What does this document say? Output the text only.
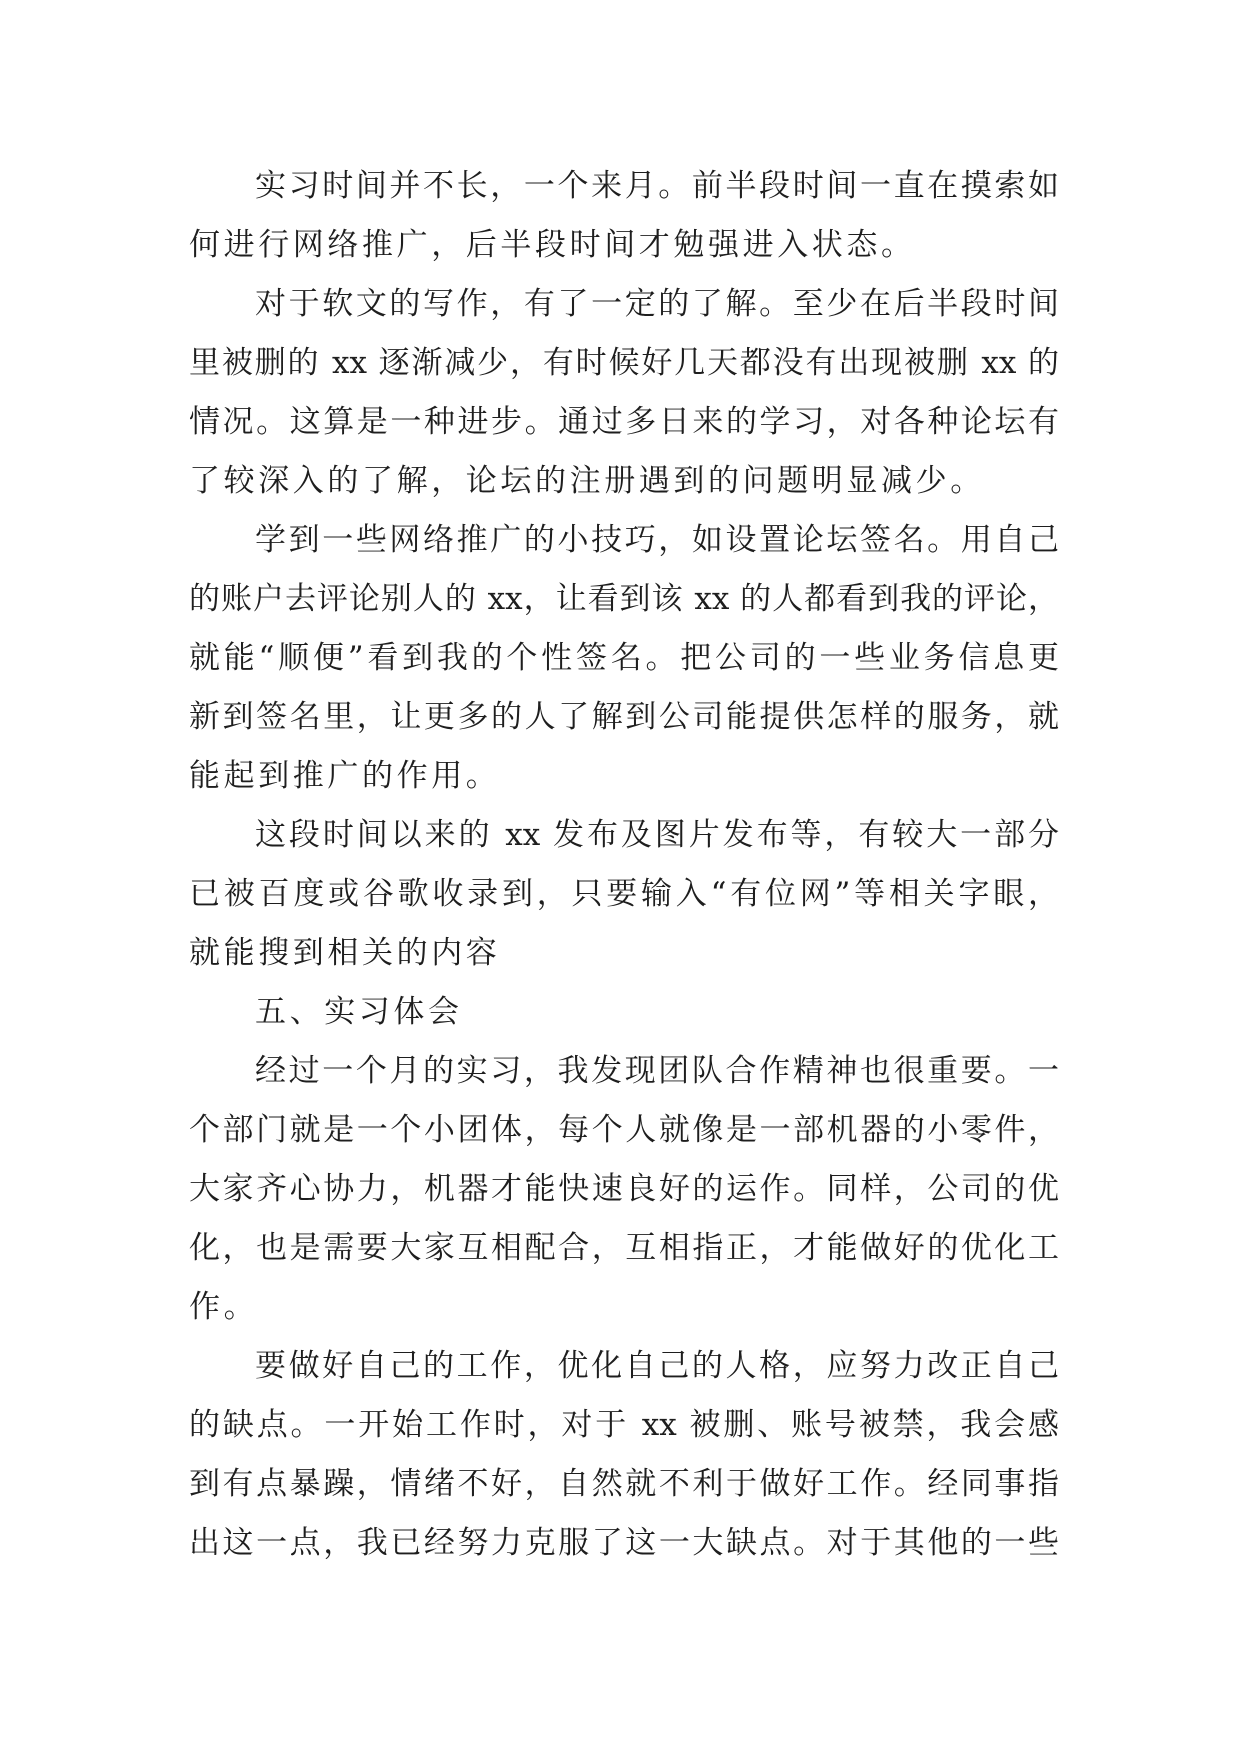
实习时间并不长，一个来月。前半段时间一直在摸索如
何进行网络推广，后半段时间才勉强进入状态。
对于软文的写作，有了一定的了解。至少在后半段时间
里被删的 xx 逐渐减少，有时候好几天都没有出现被删 xx 的
情况。这算是一种进步。通过多日来的学习，对各种论坛有
了较深入的了解，论坛的注册遇到的问题明显减少。
学到一些网络推广的小技巧，如设置论坛签名。用自己
的账户去评论别人的 xx，让看到该 xx 的人都看到我的评论，
就能“顺便”看到我的个性签名。把公司的一些业务信息更
新到签名里，让更多的人了解到公司能提供怎样的服务，就
能起到推广的作用。
这段时间以来的 xx 发布及图片发布等，有较大一部分
已被百度或谷歌收录到，只要输入“有位网”等相关字眼，
就能搜到相关的内容
五、实习体会
经过一个月的实习，我发现团队合作精神也很重要。一
个部门就是一个小团体，每个人就像是一部机器的小零件，
大家齐心协力，机器才能快速良好的运作。同样，公司的优
化，也是需要大家互相配合，互相指正，才能做好的优化工
作。
要做好自己的工作，优化自己的人格，应努力改正自己
的缺点。一开始工作时，对于 xx 被删、账号被禁，我会感
到有点暴躁，情绪不好，自然就不利于做好工作。经同事指
出这一点，我已经努力克服了这一大缺点。对于其他的一些
